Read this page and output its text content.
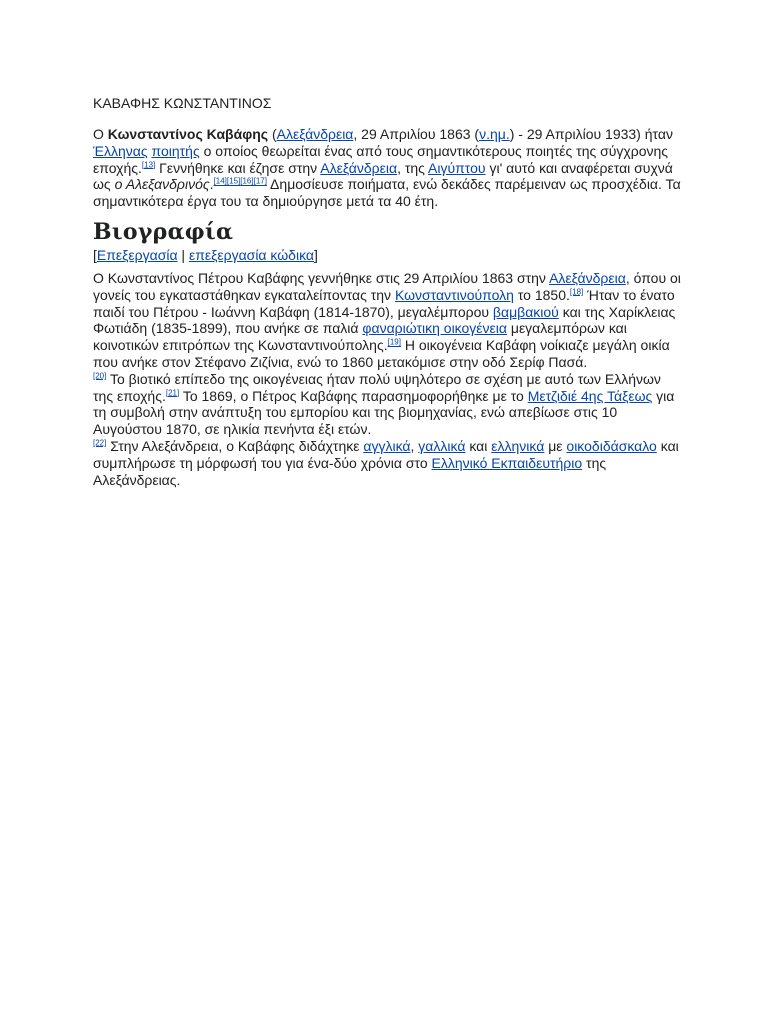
ΚΑΒΑΦΗΣ ΚΩΝΣΤΑΝΤΙΝΟΣ

Ο Κωνσταντίνος Καβάφης (Αλεξάνδρεια, 29 Απριλίου 1863 (ν.ημ.) - 29 Απριλίου 1933) ήταν Έλληνας ποιητής ο οποίος θεωρείται ένας από τους σημαντικότερους ποιητές της σύγχρονης εποχής.[13] Γεννήθηκε και έζησε στην Αλεξάνδρεια, της Αιγύπτου γι' αυτό και αναφέρεται συχνά ως ο Αλεξανδρινός.[14][15][16][17] Δημοσίευσε ποιήματα, ενώ δεκάδες παρέμειναν ως προσχέδια. Τα σημαντικότερα έργα του τα δημιούργησε μετά τα 40 έτη.

Βιογραφία
[Επεξεργασία | επεξεργασία κώδικα]

Ο Κωνσταντίνος Πέτρου Καβάφης γεννήθηκε στις 29 Απριλίου 1863 στην Αλεξάνδρεια, όπου οι γονείς του εγκαταστάθηκαν εγκαταλείποντας την Κωνσταντινούπολη το 1850.[18] Ήταν το ένατο παιδί του Πέτρου - Ιωάννη Καβάφη (1814-1870), μεγαλέμπορου βαμβακιού και της Χαρίκλειας Φωτιάδη (1835-1899), που ανήκε σε παλιά φαναριώτικη οικογένεια μεγαλεμπόρων και κοινοτικών επιτρόπων της Κωνσταντινούπολης.[19] Η οικογένεια Καβάφη νοίκιαζε μεγάλη οικία που ανήκε στον Στέφανο Ζιζίνια, ενώ το 1860 μετακόμισε στην οδό Σερίφ Πασά.
[20] Το βιοτικό επίπεδο της οικογένειας ήταν πολύ υψηλότερο σε σχέση με αυτό των Ελλήνων της εποχής.[21] Το 1869, ο Πέτρος Καβάφης παρασημοφορήθηκε με το Μετζιδιέ 4ης Τάξεως για τη συμβολή στην ανάπτυξη του εμπορίου και της βιομηχανίας, ενώ απεβίωσε στις 10 Αυγούστου 1870, σε ηλικία πενήντα έξι ετών.
[22] Στην Αλεξάνδρεια, ο Καβάφης διδάχτηκε αγγλικά, γαλλικά και ελληνικά με οικοδιδάσκαλο και συμπλήρωσε τη μόρφωσή του για ένα-δύο χρόνια στο Ελληνικό Εκπαιδευτήριο της Αλεξάνδρειας.
